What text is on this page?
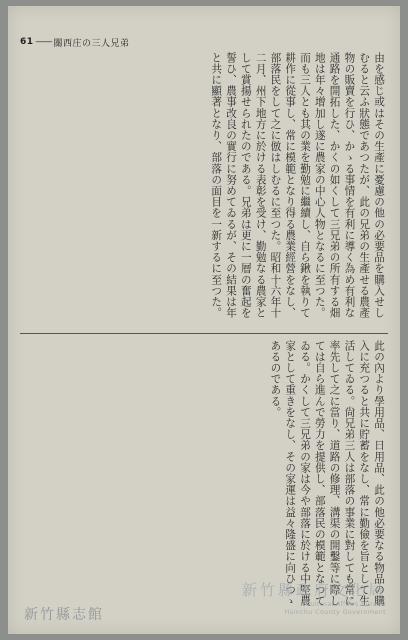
61 —— 關西庄の三人兄弟
由を感じ或はその生產に憂慮の他の必要品を購入せしむると云ふ狀態であつたが、此の兄弟の生產せる農產物の販賣を行ひ、かゝる事情を有利に導く為め有利な通路を開拓した、かくの如くして三兄弟の所有する畑地は年々增加し遂に農家の中心人物となるに至つた。而も三人とも其の業を勤勉に繼續し、自ら鍬を執りて耕作に從事し、常に模範となり得る農業經營をなし、部落民をして之に倣はしむるに至つた。昭和十六年十二月、州下地方に於ける表彰を受け、勤勉なる農家として賞揚せられたのである。兄弟は更に一層の奮起を誓ひ、農事改良の實行に努めてゐるが、その結果は年と共に顯著となり、部落の面目を一新するに至つた。
此の內より學用品、日用品、此の他必要なる物品の購入に充つると共に貯蓄をなし、常に勤儉を旨として生活してゐる。尙兄弟三人は部落の事業に對しても常に率先して之に當り、道路の修理、溝渠の開鑿等に際しては自ら進んで勞力を提供し、部落民の模範となつてゐる。かくして三兄弟の家は今や部落に於ける中堅農家として重きをなし、その家運は益々隆盛に向ひつゝあるのである。
新竹縣志館
新竹縣政府文化局
Cultural Affairs Bureau
Hsinchu County Government
